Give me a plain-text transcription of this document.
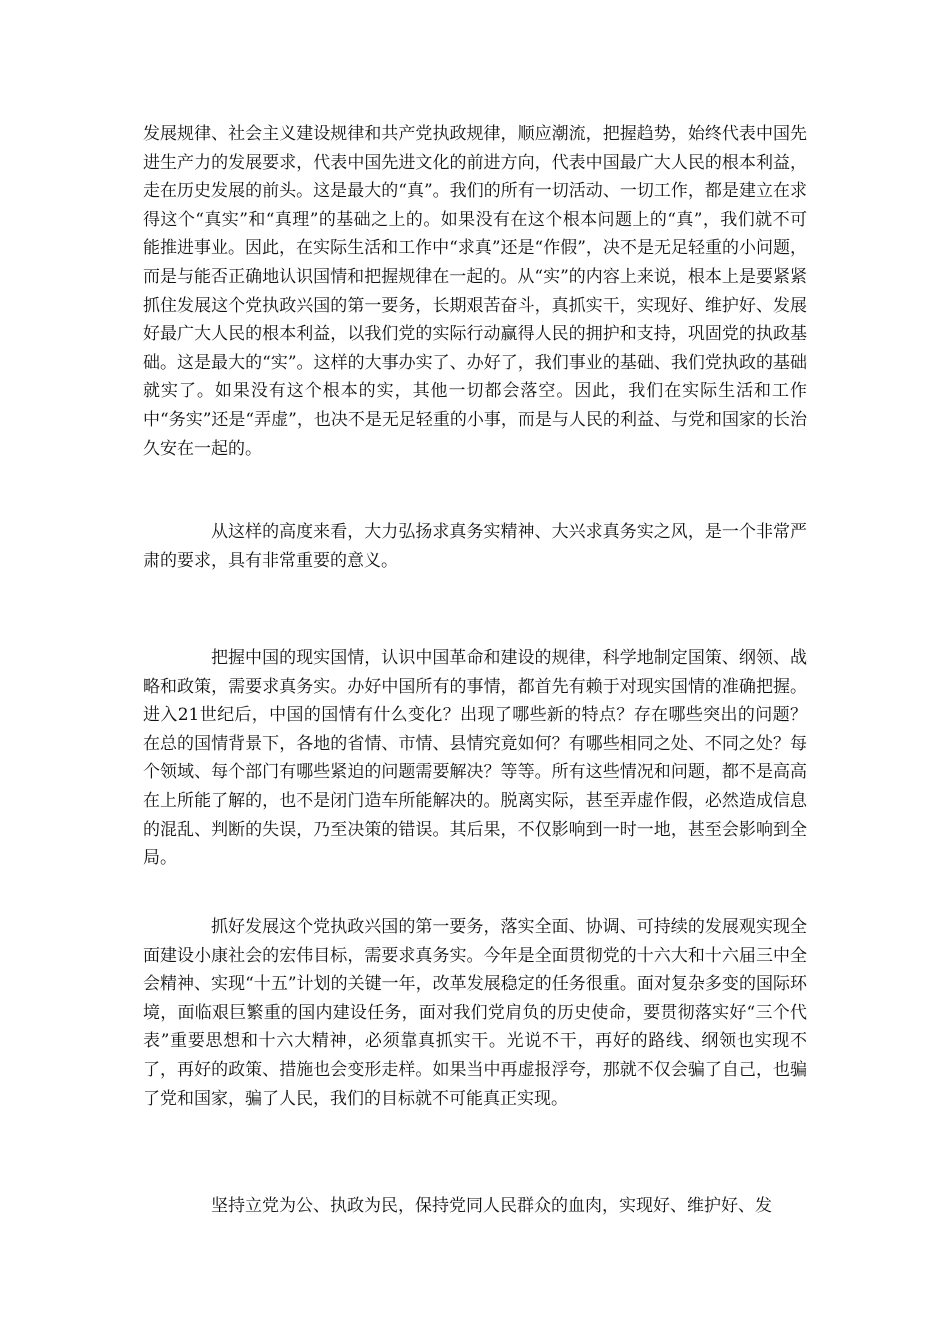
发展规律、社会主义建设规律和共产党执政规律，顺应潮流，把握趋势，始终代表中国先进生产力的发展要求，代表中国先进文化的前进方向，代表中国最广大人民的根本利益，走在历史发展的前头。这是最大的“真”。我们的所有一切活动、一切工作，都是建立在求得这个“真实”和“真理”的基础之上的。如果没有在这个根本问题上的“真”，我们就不可能推进事业。因此，在实际生活和工作中“求真”还是“作假”，决不是无足轻重的小问题，而是与能否正确地认识国情和把握规律在一起的。从“实”的内容上来说，根本上是要紧紧抓住发展这个党执政兴国的第一要务，长期艰苦奋斗，真抓实干，实现好、维护好、发展好最广大人民的根本利益，以我们党的实际行动赢得人民的拥护和支持，巩固党的执政基础。这是最大的“实”。这样的大事办实了、办好了，我们事业的基础、我们党执政的基础就实了。如果没有这个根本的实，其他一切都会落空。因此，我们在实际生活和工作中“务实”还是“弄虚”，也决不是无足轻重的小事，而是与人民的利益、与党和国家的长治久安在一起的。

从这样的高度来看，大力弘扬求真务实精神、大兴求真务实之风，是一个非常严肃的要求，具有非常重要的意义。

把握中国的现实国情，认识中国革命和建设的规律，科学地制定国策、纲领、战略和政策，需要求真务实。办好中国所有的事情，都首先有赖于对现实国情的准确把握。进入21世纪后，中国的国情有什么变化？出现了哪些新的特点？存在哪些突出的问题？在总的国情背景下，各地的省情、市情、县情究竟如何？有哪些相同之处、不同之处？每个领域、每个部门有哪些紧迫的问题需要解决？等等。所有这些情况和问题，都不是高高在上所能了解的，也不是闭门造车所能解决的。脱离实际，甚至弄虚作假，必然造成信息的混乱、判断的失误，乃至决策的错误。其后果，不仅影响到一时一地，甚至会影响到全局。

抓好发展这个党执政兴国的第一要务，落实全面、协调、可持续的发展观实现全面建设小康社会的宏伟目标，需要求真务实。今年是全面贯彻党的十六大和十六届三中全会精神、实现“十五”计划的关键一年，改革发展稳定的任务很重。面对复杂多变的国际环境，面临艰巨繁重的国内建设任务，面对我们党肩负的历史使命，要贯彻落实好“三个代表”重要思想和十六大精神，必须靠真抓实干。光说不干，再好的路线、纲领也实现不了，再好的政策、措施也会变形走样。如果当中再虚报浮夸，那就不仅会骗了自己，也骗了党和国家，骗了人民，我们的目标就不可能真正实现。

坚持立党为公、执政为民，保持党同人民群众的血肉，实现好、维护好、发
